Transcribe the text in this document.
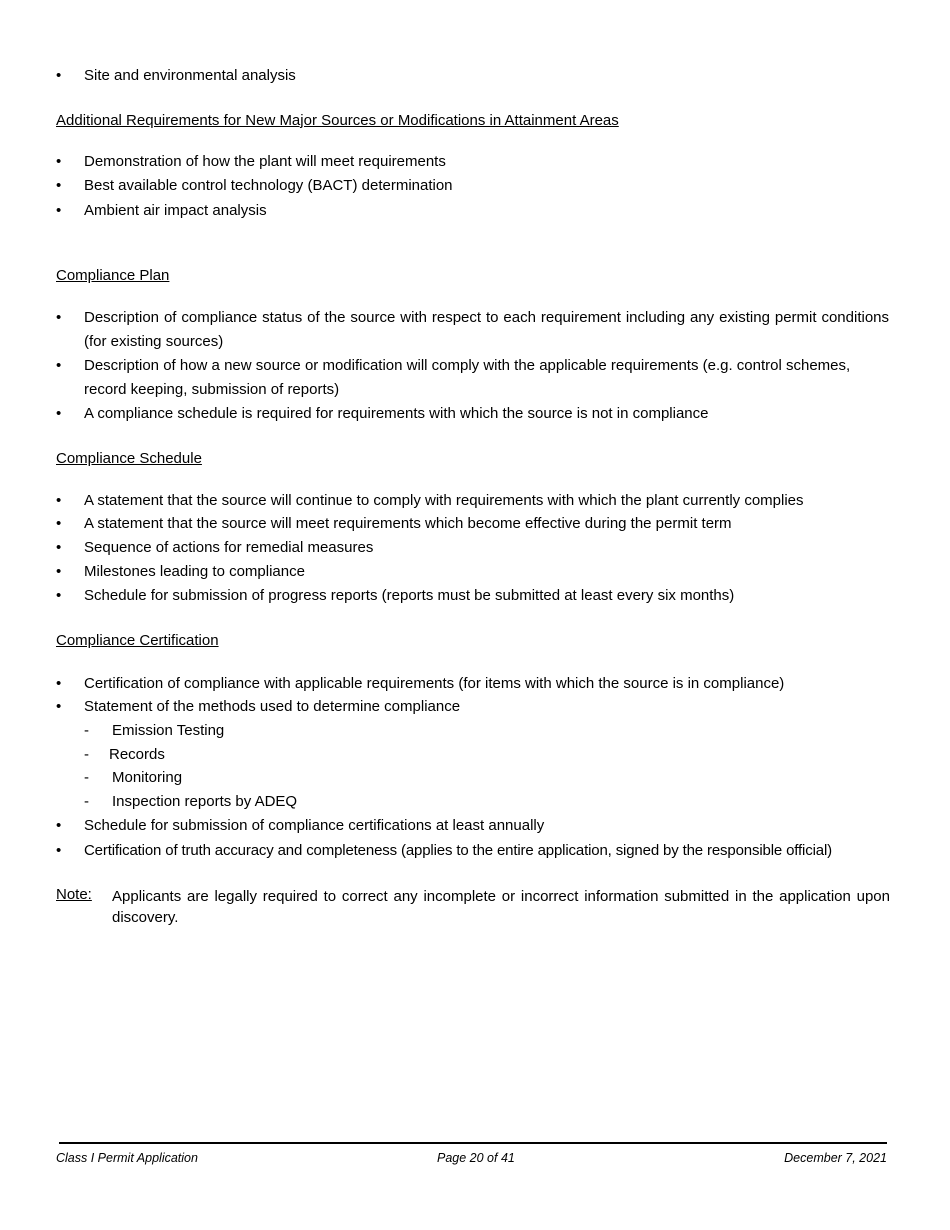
• Site and environmental analysis
Additional Requirements for New Major Sources or Modifications in Attainment Areas
• Demonstration of how the plant will meet requirements
• Best available control technology (BACT) determination
• Ambient air impact analysis
Compliance Plan
• Description of compliance status of the source with respect to each requirement including any existing permit conditions (for existing sources)
• Description of how a new source or modification will comply with the applicable requirements (e.g. control schemes, record keeping, submission of reports)
• A compliance schedule is required for requirements with which the source is not in compliance
Compliance Schedule
• A statement that the source will continue to comply with requirements with which the plant currently complies
• A statement that the source will meet requirements which become effective during the permit term
• Sequence of actions for remedial measures
• Milestones leading to compliance
• Schedule for submission of progress reports (reports must be submitted at least every six months)
Compliance Certification
• Certification of compliance with applicable requirements (for items with which the source is in compliance)
• Statement of the methods used to determine compliance
- Emission Testing
- Records
- Monitoring
- Inspection reports by ADEQ
• Schedule for submission of compliance certifications at least annually
• Certification of truth accuracy and completeness (applies to the entire application, signed by the responsible official)
Note: Applicants are legally required to correct any incomplete or incorrect information submitted in the application upon discovery.
Class I Permit Application	Page 20 of 41	December 7, 2021
